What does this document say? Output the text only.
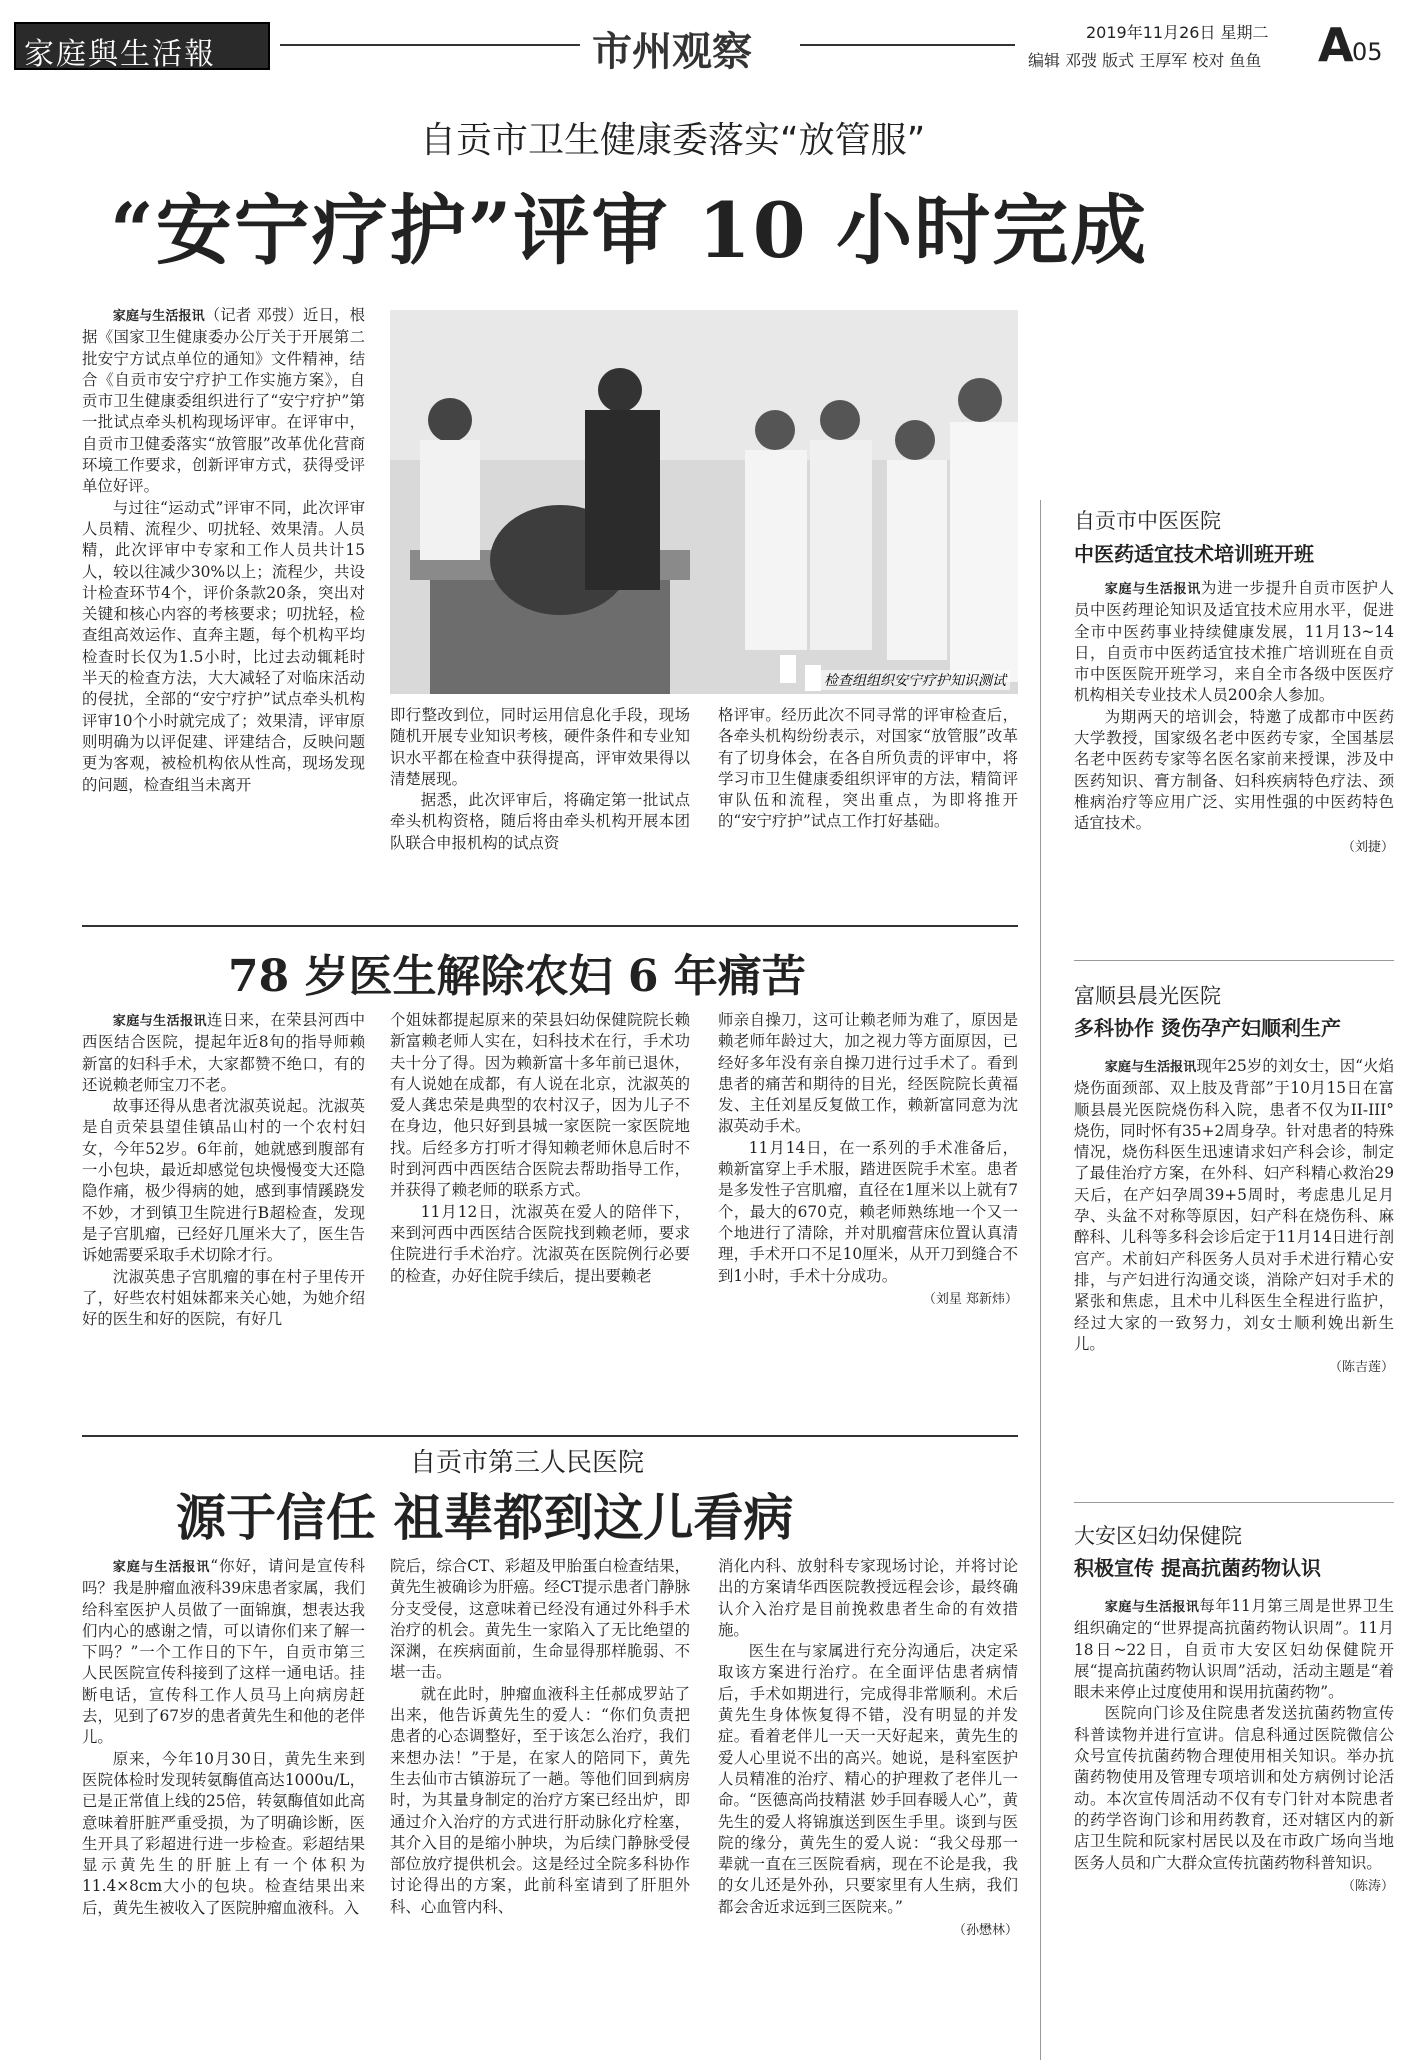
家庭與生活報	市州观察	2019年11月26日 星期二
编辑 邓弢 版式 王厚军 校对 鱼鱼 A
05
自贡市卫生健康委落实“放管服”
“安宁疗护”评审 10 小时完成

家庭与生活报讯（记者 邓弢）近日，根据《国家卫生健康委办公厅关于开展第二批安宁方试点单位的通知》文件精神，结合《自贡市安宁疗护工作实施方案》，自贡市卫生健康委组织进行了“安宁疗护”第一批试点牵头机构现场评审。在评审中，自贡市卫健委落实“放管服”改革优化营商环境工作要求，创新评审方式，获得受评单位好评。

与过往“运动式”评审不同，此次评审人员精、流程少、叨扰轻、效果清。人员精，此次评审中专家和工作人员共计15人，较以往减少30%以上；流程少，共设计检查环节4个，评价条款20条，突出对关键和核心内容的考核要求；叨扰轻，检查组高效运作、直奔主题，每个机构平均检查时长仅为1.5小时，比过去动辄耗时半天的检查方法，大大减轻了对临床活动的侵扰，全部的“安宁疗护”试点牵头机构评审10个小时就完成了；效果清，评审原则明确为以评促建、评建结合，反映问题更为客观，被检机构依从性高，现场发现的问题，检查组当未离开

检查组组织安宁疗护知识测试

即行整改到位，同时运用信息化手段，现场随机开展专业知识考核，硬件条件和专业知识水平都在检查中获得提高，评审效果得以清楚展现。

据悉，此次评审后，将确定第一批试点牵头机构资格，随后将由牵头机构开展本团队联合申报机构的试点资

格评审。经历此次不同寻常的评审检查后，各牵头机构纷纷表示，对国家“放管服”改革有了切身体会，在各自所负责的评审中，将学习市卫生健康委组织评审的方法，精简评审队伍和流程，突出重点，为即将推开的“安宁疗护”试点工作打好基础。

78 岁医生解除农妇 6 年痛苦

家庭与生活报讯连日来，在荣县河西中西医结合医院，提起年近8旬的指导师赖新富的妇科手术，大家都赞不绝口，有的还说赖老师宝刀不老。

故事还得从患者沈淑英说起。沈淑英是自贡荣县望佳镇品山村的一个农村妇女，今年52岁。6年前，她就感到腹部有一小包块，最近却感觉包块慢慢变大还隐隐作痛，极少得病的她，感到事情蹊跷发不妙，才到镇卫生院进行B超检查，发现是子宫肌瘤，已经好几厘米大了，医生告诉她需要采取手术切除才行。

沈淑英患子宫肌瘤的事在村子里传开了，好些农村姐妹都来关心她，为她介绍好的医生和好的医院，有好几

个姐妹都提起原来的荣县妇幼保健院院长赖新富赖老师人实在，妇科技术在行，手术功夫十分了得。因为赖新富十多年前已退休，有人说她在成都，有人说在北京，沈淑英的爱人龚忠荣是典型的农村汉子，因为儿子不在身边，他只好到县城一家医院一家医院地找。后经多方打听才得知赖老师休息后时不时到河西中西医结合医院去帮助指导工作，并获得了赖老师的联系方式。

11月12日，沈淑英在爱人的陪伴下，来到河西中西医结合医院找到赖老师，要求住院进行手术治疗。沈淑英在医院例行必要的检查，办好住院手续后，提出要赖老

师亲自操刀，这可让赖老师为难了，原因是赖老师年龄过大，加之视力等方面原因，已经好多年没有亲自操刀进行过手术了。看到患者的痛苦和期待的目光，经医院院长黄福发、主任刘星反复做工作，赖新富同意为沈淑英动手术。

11月14日，在一系列的手术准备后，赖新富穿上手术服，踏进医院手术室。患者是多发性子宫肌瘤，直径在1厘米以上就有7个，最大的670克，赖老师熟练地一个又一个地进行了清除，并对肌瘤营床位置认真清理，手术开口不足10厘米，从开刀到缝合不到1小时，手术十分成功。

（刘星 郑新炜）
自贡市第三人民医院
源于信任 祖辈都到这儿看病

家庭与生活报讯“你好，请问是宣传科吗？我是肿瘤血液科39床患者家属，我们给科室医护人员做了一面锦旗，想表达我们内心的感谢之情，可以请你们来了解一下吗？”一个工作日的下午，自贡市第三人民医院宣传科接到了这样一通电话。挂断电话，宣传科工作人员马上向病房赶去，见到了67岁的患者黄先生和他的老伴儿。

原来，今年10月30日，黄先生来到医院体检时发现转氨酶值高达1000u/L，已是正常值上线的25倍，转氨酶值如此高意味着肝脏严重受损，为了明确诊断，医生开具了彩超进行进一步检查。彩超结果显示黄先生的肝脏上有一个体积为11.4×8cm大小的包块。检查结果出来后，黄先生被收入了医院肿瘤血液科。入

院后，综合CT、彩超及甲胎蛋白检查结果，黄先生被确诊为肝癌。经CT提示患者门静脉分支受侵，这意味着已经没有通过外科手术治疗的机会。黄先生一家陷入了无比绝望的深渊，在疾病面前，生命显得那样脆弱、不堪一击。

就在此时，肿瘤血液科主任郝成罗站了出来，他告诉黄先生的爱人：“你们负责把患者的心态调整好，至于该怎么治疗，我们来想办法！”于是，在家人的陪同下，黄先生去仙市古镇游玩了一趟。等他们回到病房时，为其量身制定的治疗方案已经出炉，即通过介入治疗的方式进行肝动脉化疗栓塞，其介入目的是缩小肿块，为后续门静脉受侵部位放疗提供机会。这是经过全院多科协作讨论得出的方案，此前科室请到了肝胆外科、心血管内科、

消化内科、放射科专家现场讨论，并将讨论出的方案请华西医院教授远程会诊，最终确认介入治疗是目前挽救患者生命的有效措施。

医生在与家属进行充分沟通后，决定采取该方案进行治疗。在全面评估患者病情后，手术如期进行，完成得非常顺利。术后黄先生身体恢复得不错，没有明显的并发症。看着老伴儿一天一天好起来，黄先生的爱人心里说不出的高兴。她说，是科室医护人员精准的治疗、精心的护理救了老伴儿一命。“医德高尚技精湛 妙手回春暖人心”，黄先生的爱人将锦旗送到医生手里。谈到与医院的缘分，黄先生的爱人说：“我父母那一辈就一直在三医院看病，现在不论是我，我的女儿还是外孙，只要家里有人生病，我们都会舍近求远到三医院来。”

（孙懋林）
自贡市中医医院
中医药适宜技术培训班开班

家庭与生活报讯为进一步提升自贡市医护人员中医药理论知识及适宜技术应用水平，促进全市中医药事业持续健康发展，11月13~14日，自贡市中医药适宜技术推广培训班在自贡市中医医院开班学习，来自全市各级中医医疗机构相关专业技术人员200余人参加。

为期两天的培训会，特邀了成都市中医药大学教授，国家级名老中医药专家，全国基层名老中医药专家等名医名家前来授课，涉及中医药知识、膏方制备、妇科疾病特色疗法、颈椎病治疗等应用广泛、实用性强的中医药特色适宜技术。

（刘捷）
富顺县晨光医院
多科协作 烫伤孕产妇顺利生产

家庭与生活报讯现年25岁的刘女士，因“火焰烧伤面颈部、双上肢及背部”于10月15日在富顺县晨光医院烧伤科入院，患者不仅为II-III°烧伤，同时怀有35+2周身孕。针对患者的特殊情况，烧伤科医生迅速请求妇产科会诊，制定了最佳治疗方案，在外科、妇产科精心救治29天后，在产妇孕周39+5周时，考虑患儿足月孕、头盆不对称等原因，妇产科在烧伤科、麻醉科、儿科等多科会诊后定于11月14日进行剖宫产。术前妇产科医务人员对手术进行精心安排，与产妇进行沟通交谈，消除产妇对手术的紧张和焦虑，且术中儿科医生全程进行监护，经过大家的一致努力，刘女士顺利娩出新生儿。

（陈吉莲）
大安区妇幼保健院
积极宣传 提高抗菌药物认识

家庭与生活报讯每年11月第三周是世界卫生组织确定的“世界提高抗菌药物认识周”。11月18日~22日，自贡市大安区妇幼保健院开展“提高抗菌药物认识周”活动，活动主题是“着眼未来停止过度使用和误用抗菌药物”。

医院向门诊及住院患者发送抗菌药物宣传科普读物并进行宣讲。信息科通过医院微信公众号宣传抗菌药物合理使用相关知识。举办抗菌药物使用及管理专项培训和处方病例讨论活动。本次宣传周活动不仅有专门针对本院患者的药学咨询门诊和用药教育，还对辖区内的新店卫生院和阮家村居民以及在市政广场向当地医务人员和广大群众宣传抗菌药物科普知识。

（陈涛）
